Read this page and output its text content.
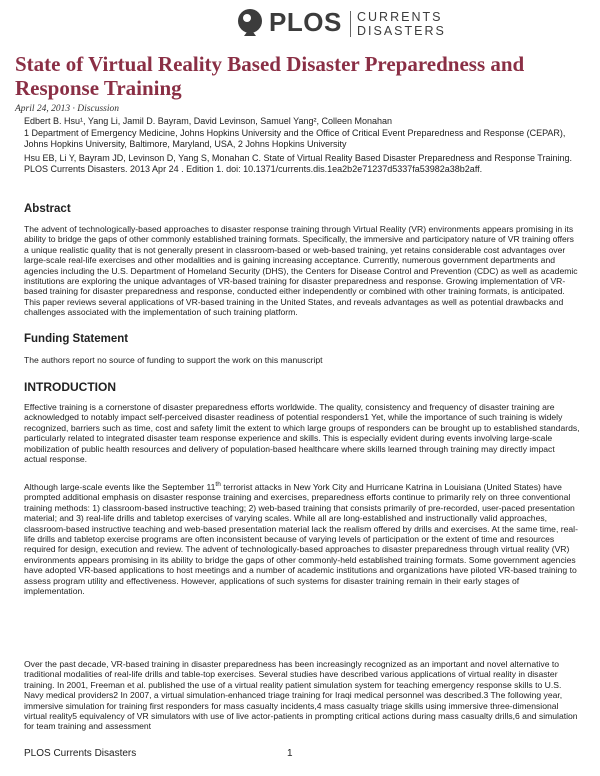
PLOS CURRENTS
DISASTERS
State of Virtual Reality Based Disaster Preparedness and Response Training
April 24, 2013 · Discussion

Edbert B. Hsu¹, Yang Li, Jamil D. Bayram, David Levinson, Samuel Yang², Colleen Monahan

1 Department of Emergency Medicine, Johns Hopkins University and the Office of Critical Event Preparedness and Response (CEPAR), Johns Hopkins University, Baltimore, Maryland, USA, 2 Johns Hopkins University

Hsu EB, Li Y, Bayram JD, Levinson D, Yang S, Monahan C. State of Virtual Reality Based Disaster Preparedness and Response Training. PLOS Currents Disasters. 2013 Apr 24 . Edition 1. doi: 10.1371/currents.dis.1ea2b2e71237d5337fa53982a38b2aff.

Abstract

The advent of technologically-based approaches to disaster response training through Virtual Reality (VR) environments appears promising in its ability to bridge the gaps of other commonly established training formats. Specifically, the immersive and participatory nature of VR training offers a unique realistic quality that is not generally present in classroom-based or web-based training, yet retains considerable cost advantages over large-scale real-life exercises and other modalities and is gaining increasing acceptance. Currently, numerous government departments and agencies including the U.S. Department of Homeland Security (DHS), the Centers for Disease Control and Prevention (CDC) as well as academic institutions are exploring the unique advantages of VR-based training for disaster preparedness and response. Growing implementation of VR-based training for disaster preparedness and response, conducted either independently or combined with other training formats, is anticipated. This paper reviews several applications of VR-based training in the United States, and reveals advantages as well as potential drawbacks and challenges associated with the implementation of such training platform.

Funding Statement

The authors report no source of funding to support the work on this manuscript

INTRODUCTION

Effective training is a cornerstone of disaster preparedness efforts worldwide. The quality, consistency and frequency of disaster training are acknowledged to notably impact self-perceived disaster readiness of potential responders1 Yet, while the importance of such training is widely recognized, barriers such as time, cost and safety limit the extent to which large groups of responders can be brought up to established standards, particularly related to integrated disaster team response experience and skills. This is especially evident during events involving large-scale mobilization of public health resources and delivery of population-based healthcare where skills learned through training may directly impact actual response.

Although large-scale events like the September 11th terrorist attacks in New York City and Hurricane Katrina in Louisiana (United States) have prompted additional emphasis on disaster response training and exercises, preparedness efforts continue to primarily rely on three conventional training methods: 1) classroom-based instructive teaching; 2) web-based training that consists primarily of pre-recorded, user-paced presentation material; and 3) real-life drills and tabletop exercises of varying scales. While all are long-established and instructionally valid approaches, classroom-based instructive teaching and web-based presentation material lack the realism offered by drills and exercises. At the same time, real-life drills and tabletop exercise programs are often inconsistent because of varying levels of participation or the extent of time and resources required for design, execution and review. The advent of technologically-based approaches to disaster preparedness through virtual reality (VR) environments appears promising in its ability to bridge the gaps of other commonly-held established training formats. Some government agencies have adopted VR-based applications to host meetings and a number of academic institutions and organizations have piloted VR-based training to assess program utility and effectiveness. However, applications of such systems for disaster training remain in their early stages of implementation.

Over the past decade, VR-based training in disaster preparedness has been increasingly recognized as an important and novel alternative to traditional modalities of real-life drills and table-top exercises. Several studies have described various applications of virtual reality in disaster training. In 2001, Freeman et al. published the use of a virtual reality patient simulation system for teaching emergency response skills to U.S. Navy medical providers2 In 2007, a virtual simulation-enhanced triage training for Iraqi medical personnel was described.3 The following year, immersive simulation for training first responders for mass casualty incidents,4 mass casualty triage skills using immersive three-dimensional virtual reality5 equivalency of VR simulators with use of live actor-patients in prompting critical actions during mass casualty drills,6 and simulation for team training and assessment

PLOS Currents Disasters	1
